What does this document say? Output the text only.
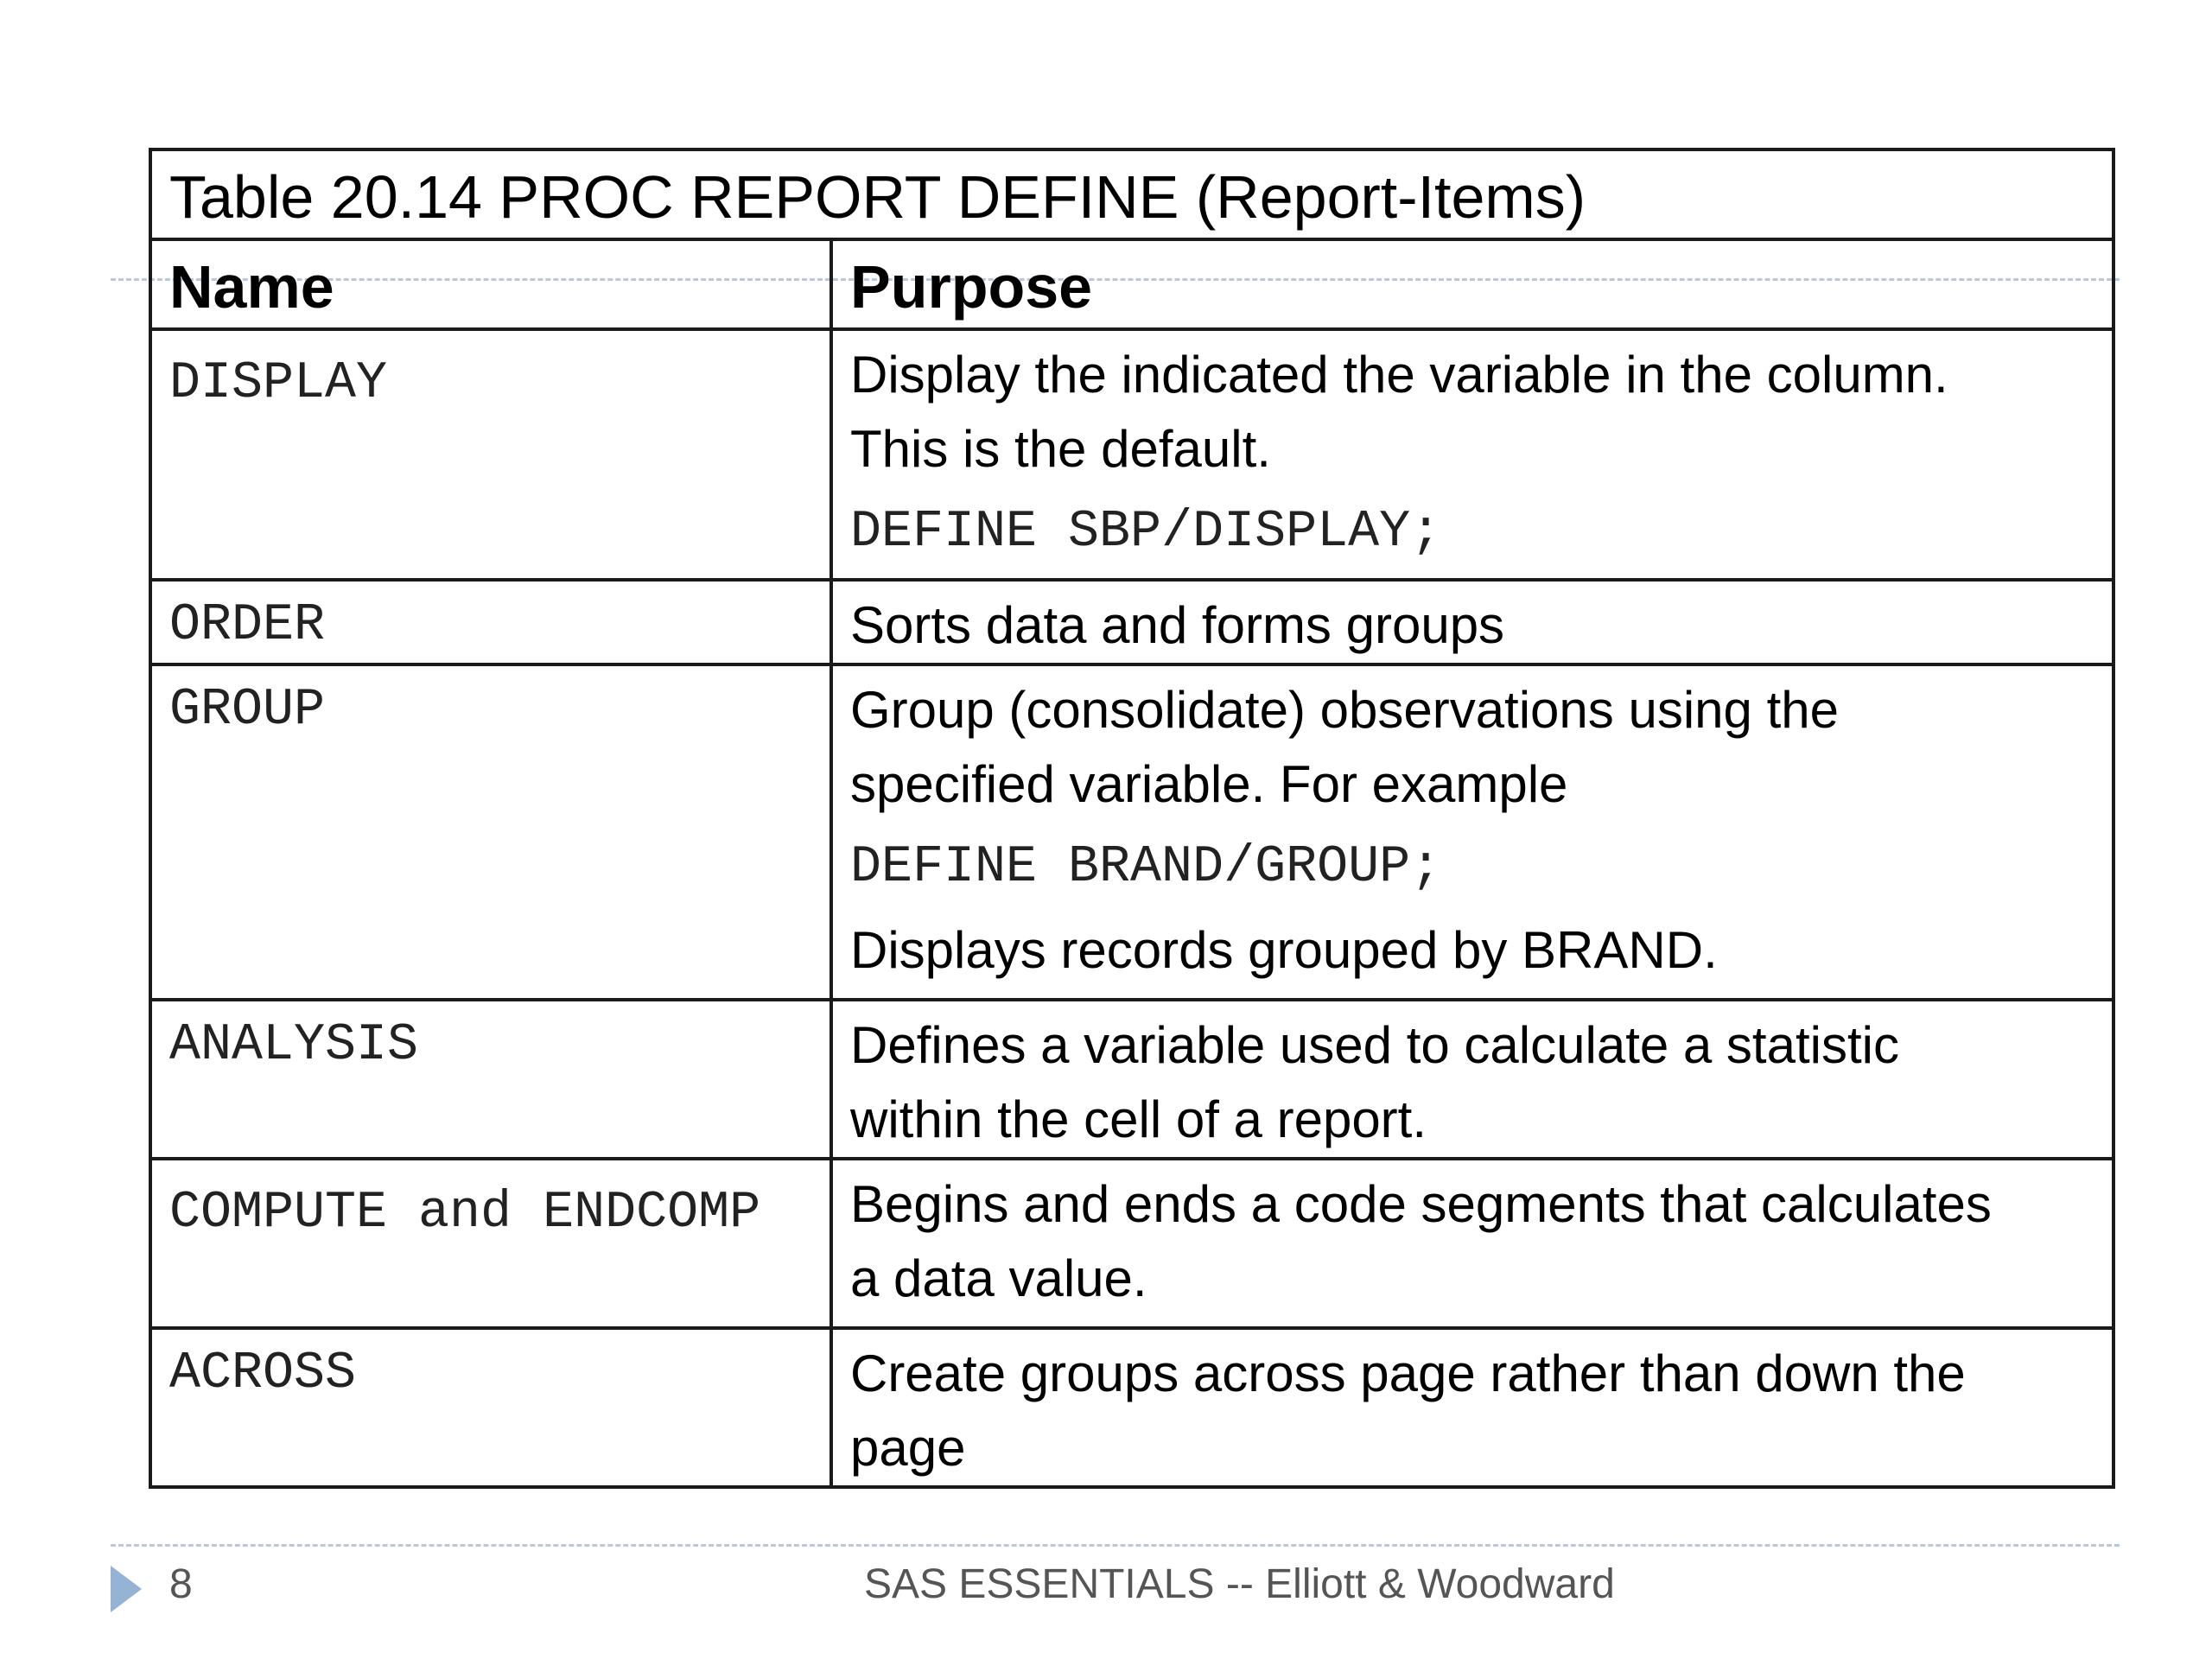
Table 20.14 PROC REPORT DEFINE (Report-Items)	
Name	Purpose
DISPLAY	Display the indicated the variable in the column.
This is the default.
DEFINE SBP/DISPLAY;

ORDER	Sorts data and forms groups

GROUP	Group (consolidate) observations using the
specified variable. For example
DEFINE BRAND/GROUP;
Displays records grouped by BRAND.

ANALYSIS	Defines a variable used to calculate a statistic
within the cell of a report.

COMPUTE and ENDCOMP	Begins and ends a code segments that calculates
a data value.

ACROSS	Create groups across page rather than down the
page
8	SAS ESSENTIALS -- Elliott & Woodward
